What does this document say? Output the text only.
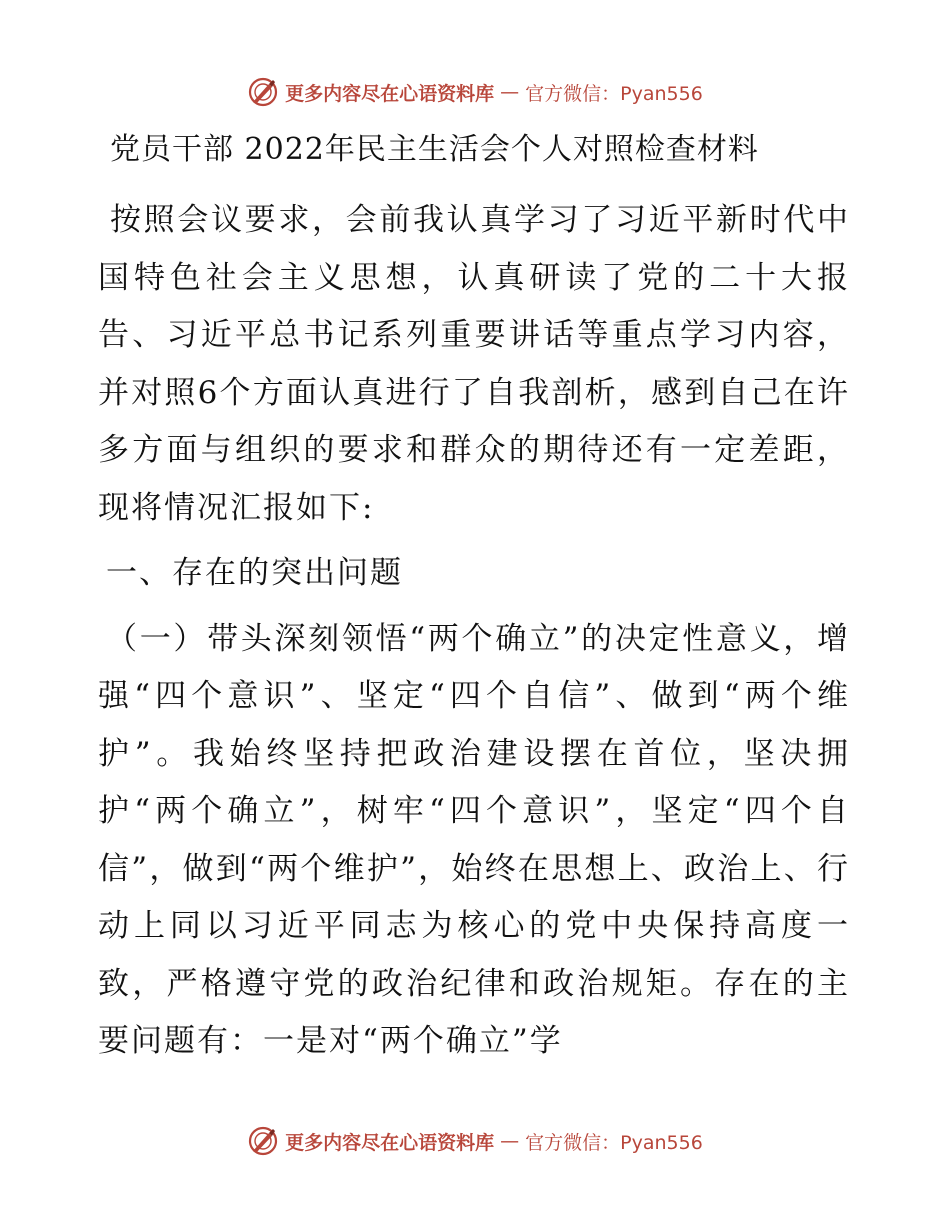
更多内容尽在心语资料库 — 官方微信：Pyan556
党员干部 2022年民主生活会个人对照检查材料

按照会议要求，会前我认真学习了习近平新时代中国特色社会主义思想，认真研读了党的二十大报告、习近平总书记系列重要讲话等重点学习内容，并对照6个方面认真进行了自我剖析，感到自己在许多方面与组织的要求和群众的期待还有一定差距，现将情况汇报如下:

一、存在的突出问题

（一）带头深刻领悟“两个确立”的决定性意义，增强“四个意识”、坚定“四个自信”、做到“两个维护”。我始终坚持把政治建设摆在首位，坚决拥护“两个确立”，树牢“四个意识”，坚定“四个自信”，做到“两个维护”，始终在思想上、政治上、行动上同以习近平同志为核心的党中央保持高度一致，严格遵守党的政治纪律和政治规矩。存在的主要问题有：一是对“两个确立”学

更多内容尽在心语资料库 — 官方微信：Pyan556
